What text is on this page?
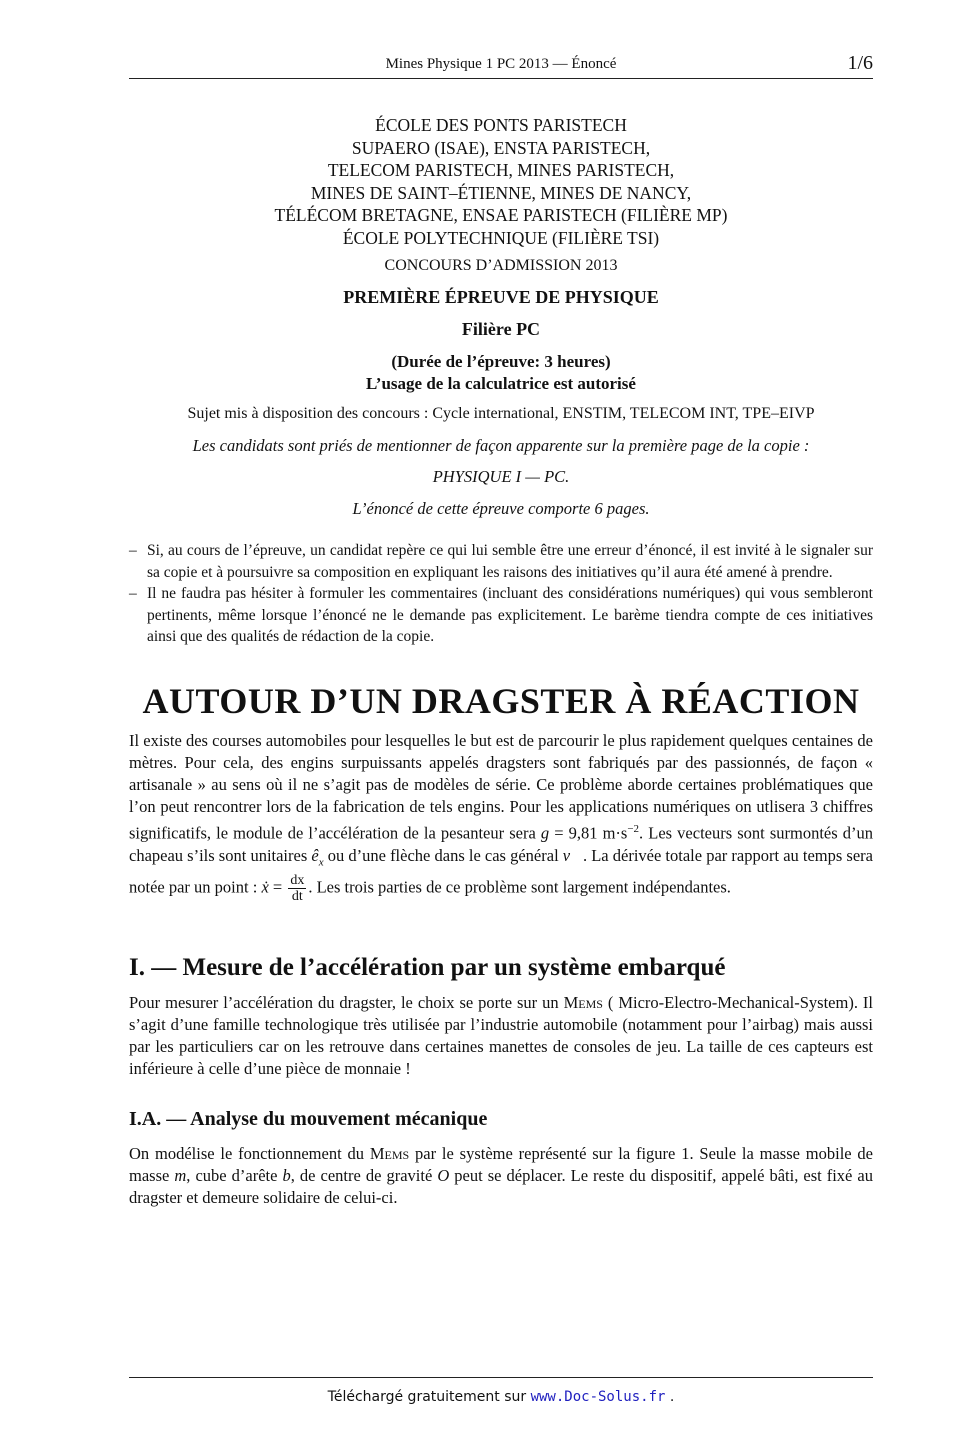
Mines Physique 1 PC 2013 — Énoncé	1/6
ÉCOLE DES PONTS PARISTECH
SUPAERO (ISAE), ENSTA PARISTECH,
TELECOM PARISTECH, MINES PARISTECH,
MINES DE SAINT–ÉTIENNE, MINES DE NANCY,
TÉLÉCOM BRETAGNE, ENSAE PARISTECH (FILIÈRE MP)
ÉCOLE POLYTECHNIQUE (FILIÈRE TSI)
CONCOURS D’ADMISSION 2013
PREMIÈRE ÉPREUVE DE PHYSIQUE
Filière PC
(Durée de l’épreuve: 3 heures)
L’usage de la calculatrice est autorisé
Sujet mis à disposition des concours : Cycle international, ENSTIM, TELECOM INT, TPE–EIVP
Les candidats sont priés de mentionner de façon apparente sur la première page de la copie :
PHYSIQUE I — PC.
L’énoncé de cette épreuve comporte 6 pages.
– Si, au cours de l’épreuve, un candidat repère ce qui lui semble être une erreur d’énoncé, il est invité à le signaler sur sa copie et à poursuivre sa composition en expliquant les raisons des initiatives qu’il aura été amené à prendre.
– Il ne faudra pas hésiter à formuler les commentaires (incluant des considérations numériques) qui vous sembleront pertinents, même lorsque l’énoncé ne le demande pas explicitement. Le barème tiendra compte de ces initiatives ainsi que des qualités de rédaction de la copie.
AUTOUR D’UN DRAGSTER À RÉACTION
Il existe des courses automobiles pour lesquelles le but est de parcourir le plus rapidement quelques centaines de mètres. Pour cela, des engins surpuissants appelés dragsters sont fabriqués par des passionnés, de façon « artisanale » au sens où il ne s’agit pas de modèles de série. Ce problème aborde certaines problématiques que l’on peut rencontrer lors de la fabrication de tels engins. Pour les applications numériques on utlisera 3 chiffres significatifs, le module de l’accélération de la pesanteur sera g = 9,81 $m\cdot s^{-2}$. Les vecteurs sont surmontés d’un chapeau s’ils sont unitaires $ê_x$ ou d’une flèche dans le cas général v⃗. La dérivée totale par rapport au temps sera notée par un point : ẋ = $\frac{dx}{dt}$ . Les trois parties de ce problème sont largement indépendantes.
I. — Mesure de l’accélération par un système embarqué
Pour mesurer l’accélération du dragster, le choix se porte sur un Mems ( Micro-Electro-Mechanical-System). Il s’agit d’une famille technologique très utilisée par l’industrie automobile (notamment pour l’airbag) mais aussi par les particuliers car on les retrouve dans certaines manettes de consoles de jeu. La taille de ces capteurs est inférieure à celle d’une pièce de monnaie !
I.A. — Analyse du mouvement mécanique
On modélise le fonctionnement du Mems par le système représenté sur la figure 1. Seule la masse mobile de masse m, cube d’arête b, de centre de gravité O peut se déplacer. Le reste du dispositif, appelé bâti, est fixé au dragster et demeure solidaire de celui-ci.
Téléchargé gratuitement sur www.Doc-Solus.fr .
